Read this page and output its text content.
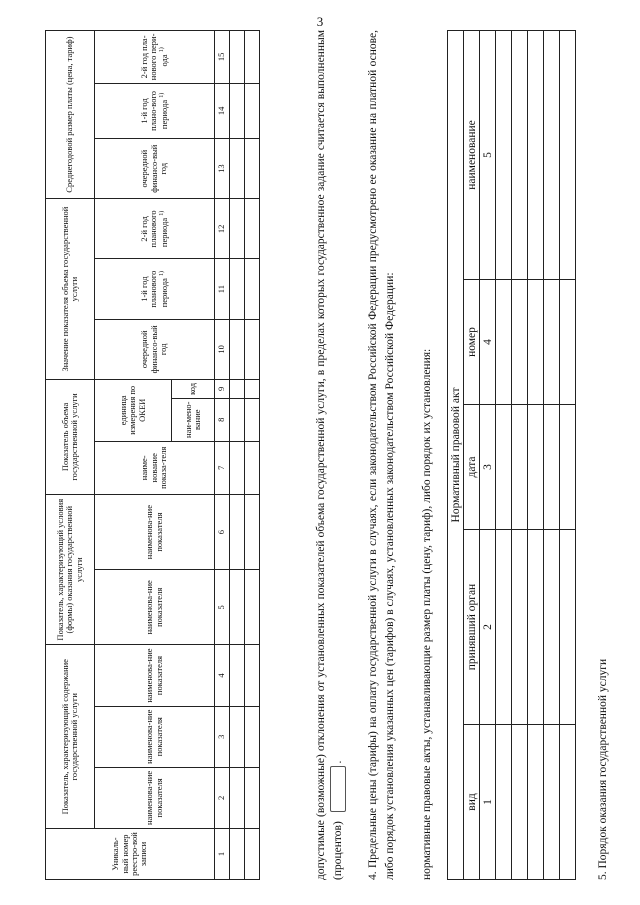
3
Уникаль-ный номер реестро-вой записи	Показатель, характеризующий содержание государственной услуги			Показатель, характеризующий условия (формы) оказания государственной услуги		Показатель объема государственной услуги			Значение показателя объема государственной услуги			Среднегодовой размер платы (цена, тариф)		
	наименова-ние показателя	наименова-ние показателя	наименова-ние показателя	наименова-ние показателя	наименова-ние показателя	наиме-нование показа-теля	единица измерения по ОКЕИ		очередной финансо-вый год	1-й год планового периода $^{1)}$	2-й год планового периода $^{1)}$	очередной финансо-вый год	1-й год плано-вого периода $^{1)}$	2-й год пла-нового пери-ода $^{1)}$
							наи-мено-вание	код						
1	2	3	4	5	6	7	8	9	10	11	12	13	14	15

															допустимые (возможные) отклонения от установленных показателей объема государственной услуги, в пределах которых государственное задание считается выполненным (процентов)  . 4. Предельные цены (тарифы) на оплату государственной услуги в случаях, если законодательством Российской Федерации предусмотрено ее оказание на платной основе, либо порядок установления указанных цен (тарифов) в случаях, установленных законодательством Российской Федерации: нормативные правовые акты, устанавливающие размер платы (цену, тариф), либо порядок их установления: Нормативный правовой акт				
вид	принявший орган	дата	номер	наименование
1	2	3	4	5

5. Порядок оказания государственной услуги
